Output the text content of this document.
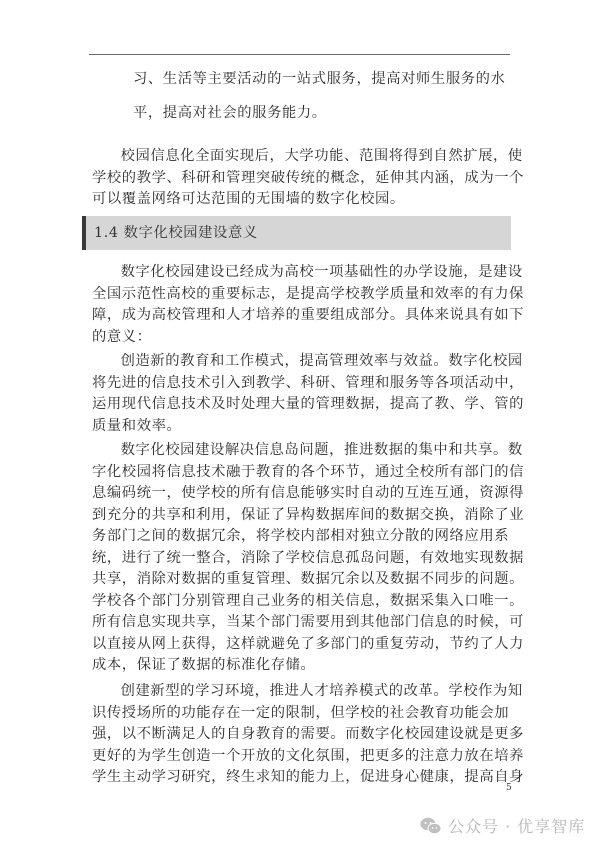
习、生活等主要活动的一站式服务，提高对师生服务的水
平，提高对社会的服务能力。
校园信息化全面实现后，大学功能、范围将得到自然扩展，使
学校的教学、科研和管理突破传统的概念，延伸其内涵，成为一个
可以覆盖网络可达范围的无围墙的数字化校园。
1.4 数字化校园建设意义
数字化校园建设已经成为高校一项基础性的办学设施，是建设
全国示范性高校的重要标志，是提高学校教学质量和效率的有力保
障，成为高校管理和人才培养的重要组成部分。具体来说具有如下
的意义：
创造新的教育和工作模式，提高管理效率与效益。数字化校园
将先进的信息技术引入到教学、科研、管理和服务等各项活动中，
运用现代信息技术及时处理大量的管理数据，提高了教、学、管的
质量和效率。
数字化校园建设解决信息岛问题，推进数据的集中和共享。数
字化校园将信息技术融于教育的各个环节，通过全校所有部门的信
息编码统一，使学校的所有信息能够实时自动的互连互通，资源得
到充分的共享和利用，保证了异构数据库间的数据交换，消除了业
务部门之间的数据冗余，将学校内部相对独立分散的网络应用系
统，进行了统一整合，消除了学校信息孤岛问题，有效地实现数据
共享，消除对数据的重复管理、数据冗余以及数据不同步的问题。
学校各个部门分别管理自己业务的相关信息，数据采集入口唯一。
所有信息实现共享，当某个部门需要用到其他部门信息的时候，可
以直接从网上获得，这样就避免了多部门的重复劳动，节约了人力
成本，保证了数据的标准化存储。
创建新型的学习环境，推进人才培养模式的改革。学校作为知
识传授场所的功能存在一定的限制，但学校的社会教育功能会加
强，以不断满足人的自身教育的需要。而数字化校园建设就是更多
更好的为学生创造一个开放的文化氛围，把更多的注意力放在培养
学生主动学习研究，终生求知的能力上，促进身心健康，提高自身
5
公众号 · 优享智库
